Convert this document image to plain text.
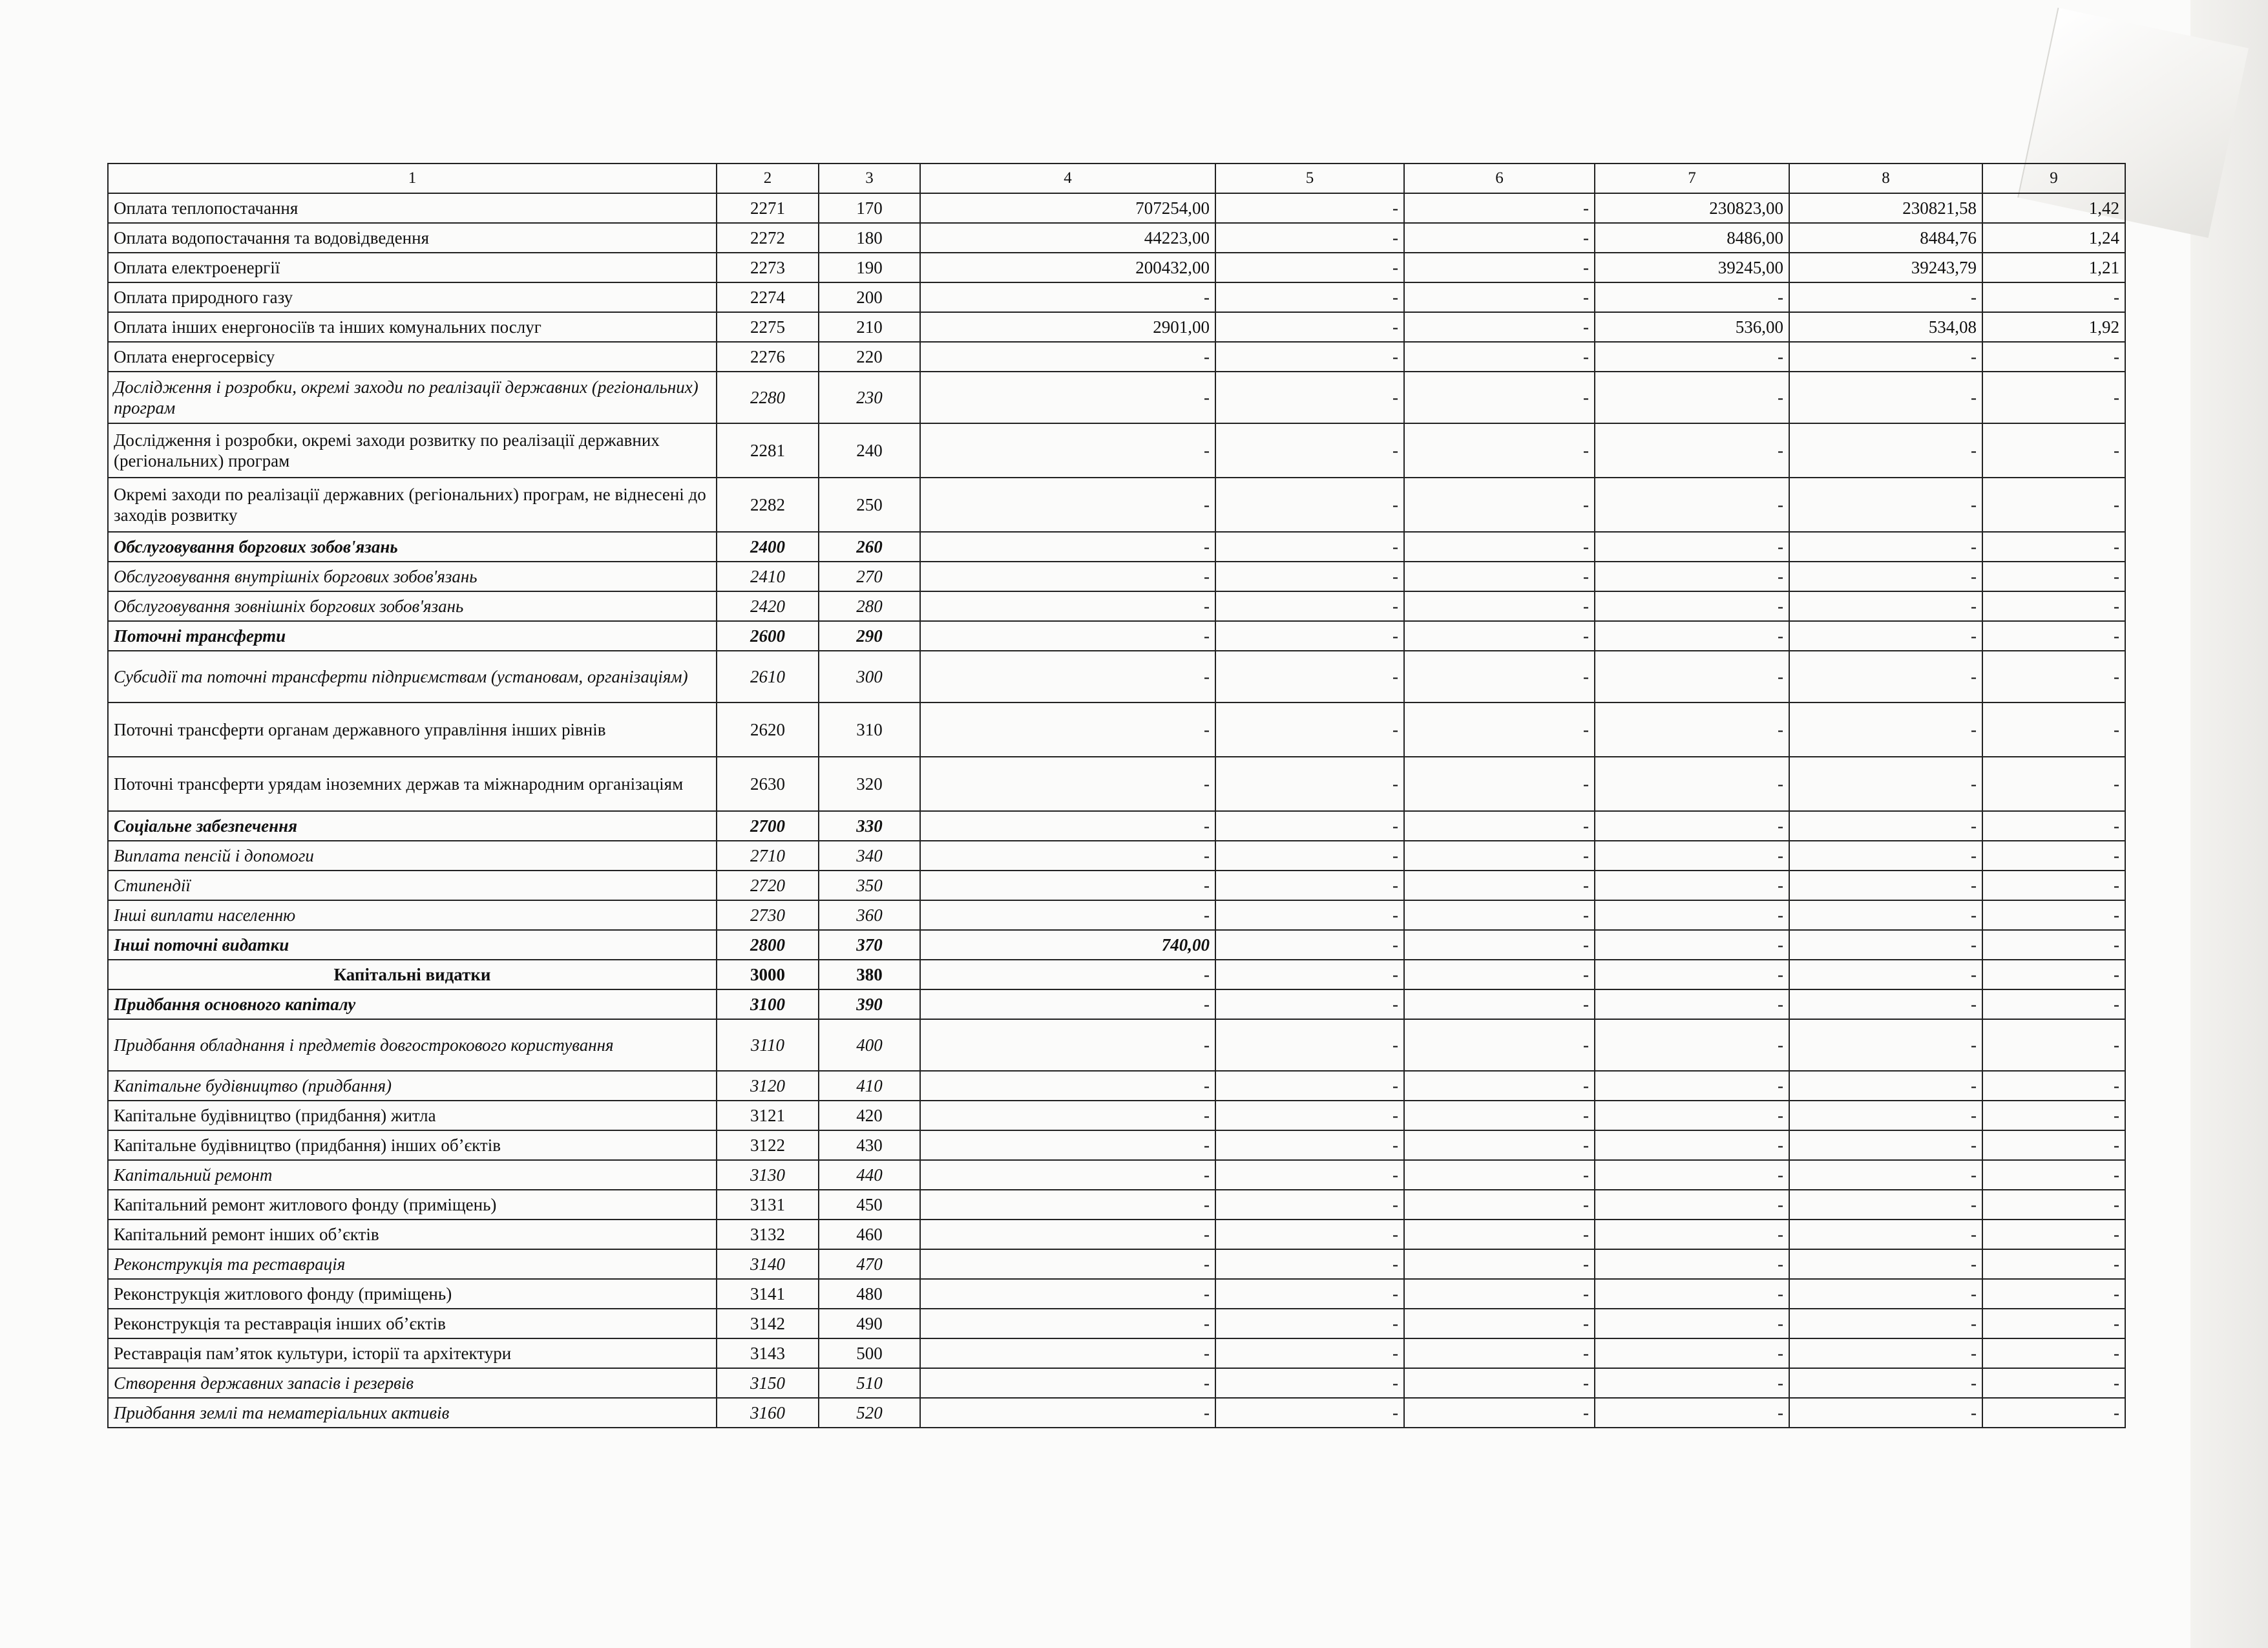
1	2	3	4	5	6	7	8	9
Оплата теплопостачання	2271	170	707254,00	-	-	230823,00	230821,58	1,42
Оплата водопостачання та водовідведення	2272	180	44223,00	-	-	8486,00	8484,76	1,24
Оплата електроенергії	2273	190	200432,00	-	-	39245,00	39243,79	1,21
Оплата природного газу	2274	200	-	-	-	-	-	-
Оплата інших енергоносіїв та інших комунальних послуг	2275	210	2901,00	-	-	536,00	534,08	1,92
Оплата енергосервісу	2276	220	-	-	-	-	-	-
Дослідження і розробки, окремі заходи по реалізації державних (регіональних) програм	2280	230	-	-	-	-	-	-
Дослідження і розробки, окремі заходи розвитку по реалізації державних (регіональних) програм	2281	240	-	-	-	-	-	-
Окремі заходи по реалізації державних (регіональних) програм, не віднесені до заходів розвитку	2282	250	-	-	-	-	-	-
Обслуговування боргових зобов'язань	2400	260	-	-	-	-	-	-
Обслуговування внутрішніх боргових зобов'язань	2410	270	-	-	-	-	-	-
Обслуговування зовнішніх боргових зобов'язань	2420	280	-	-	-	-	-	-
Поточні трансферти	2600	290	-	-	-	-	-	-
Субсидії та поточні трансферти підприємствам (установам, організаціям)	2610	300	-	-	-	-	-	-
Поточні трансферти органам державного управління інших рівнів	2620	310	-	-	-	-	-	-
Поточні трансферти урядам іноземних держав та міжнародним організаціям	2630	320	-	-	-	-	-	-
Соціальне забезпечення	2700	330	-	-	-	-	-	-
Виплата пенсій і допомоги	2710	340	-	-	-	-	-	-
Стипендії	2720	350	-	-	-	-	-	-
Інші виплати населенню	2730	360	-	-	-	-	-	-
Інші поточні видатки	2800	370	740,00	-	-	-	-	-
Капітальні видатки	3000	380	-	-	-	-	-	-
Придбання основного капіталу	3100	390	-	-	-	-	-	-
Придбання обладнання і предметів довгострокового користування	3110	400	-	-	-	-	-	-
Капітальне будівництво (придбання)	3120	410	-	-	-	-	-	-
Капітальне будівництво (придбання) житла	3121	420	-	-	-	-	-	-
Капітальне будівництво (придбання) інших об’єктів	3122	430	-	-	-	-	-	-
Капітальний ремонт	3130	440	-	-	-	-	-	-
Капітальний ремонт житлового фонду (приміщень)	3131	450	-	-	-	-	-	-
Капітальний ремонт інших об’єктів	3132	460	-	-	-	-	-	-
Реконструкція та реставрація	3140	470	-	-	-	-	-	-
Реконструкція житлового фонду (приміщень)	3141	480	-	-	-	-	-	-
Реконструкція та реставрація інших об’єктів	3142	490	-	-	-	-	-	-
Реставрація пам’яток культури, історії та архітектури	3143	500	-	-	-	-	-	-
Створення державних запасів і резервів	3150	510	-	-	-	-	-	-
Придбання землі та нематеріальних активів	3160	520	-	-	-	-	-	-
